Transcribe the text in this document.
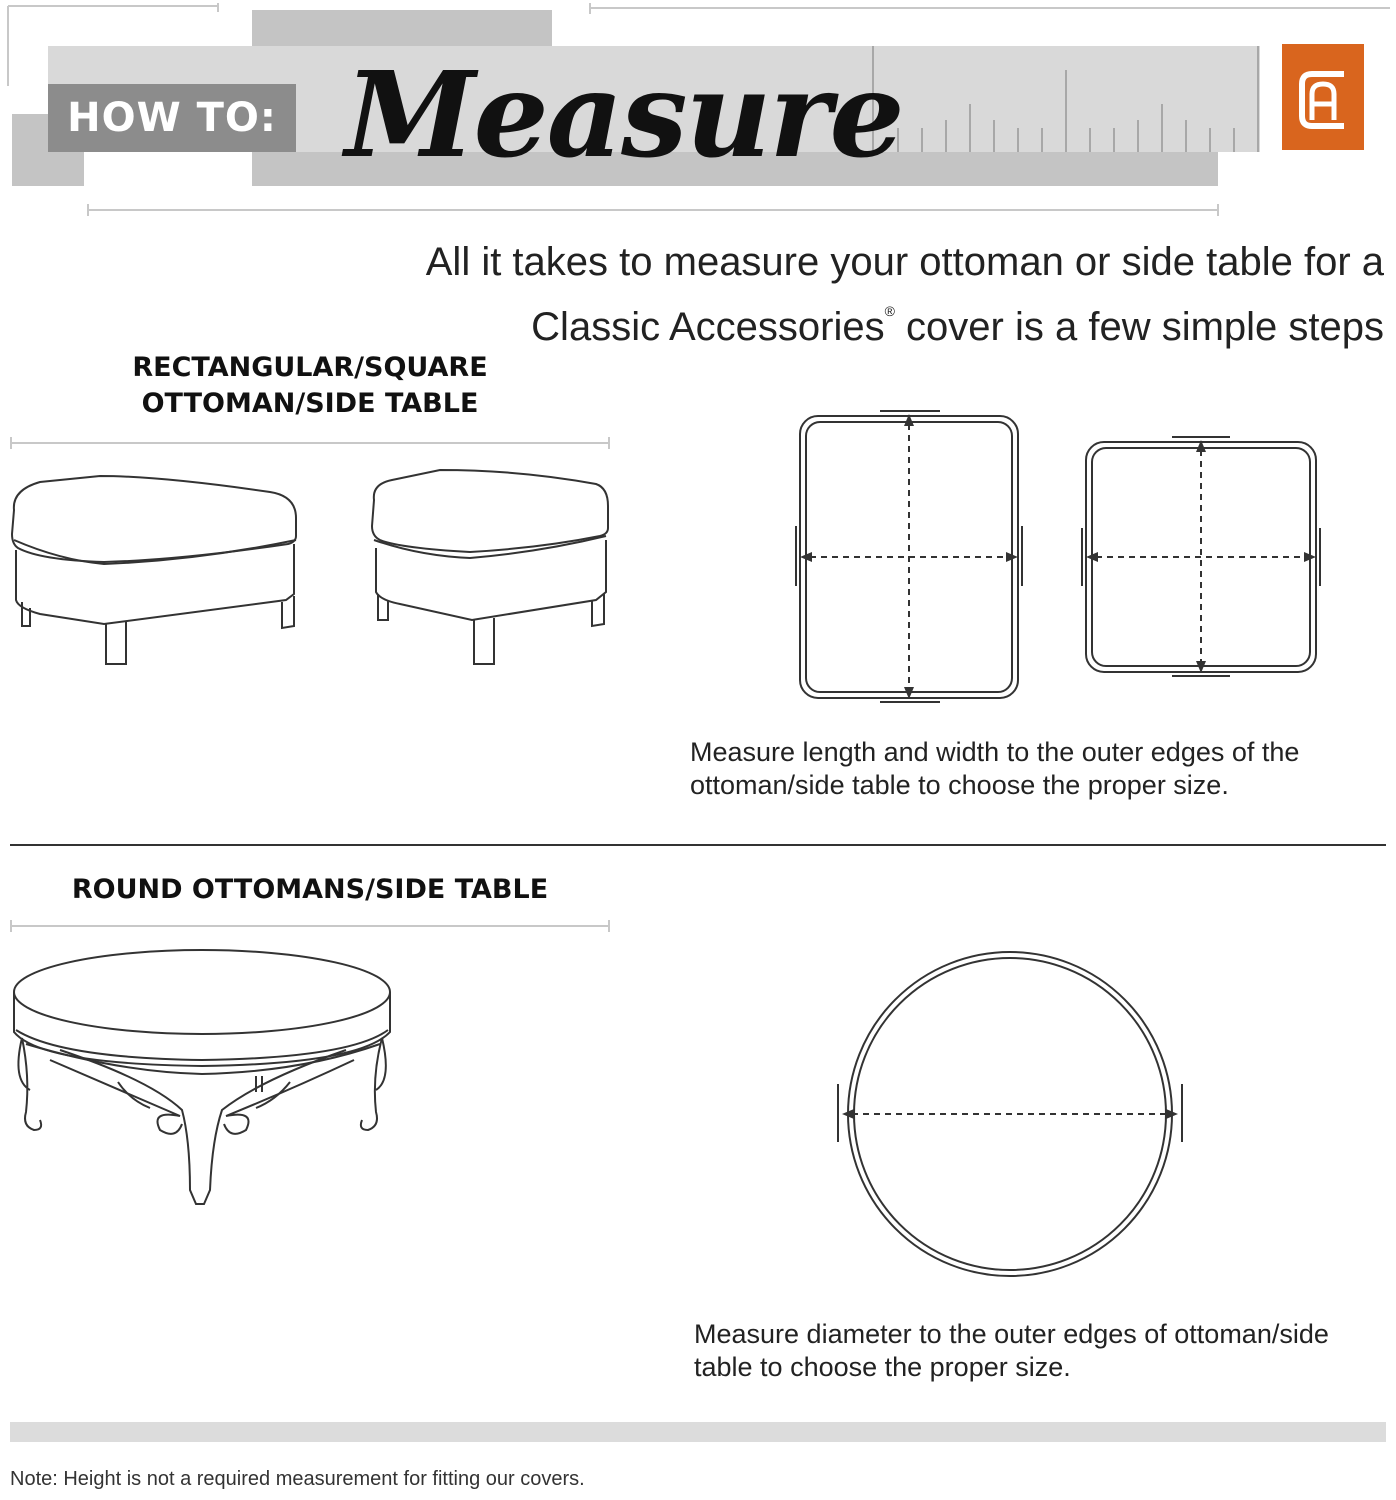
HOW TO: Measure
All it takes to measure your ottoman or side table for a
Classic Accessories® cover is a few simple steps
RECTANGULAR/SQUARE
OTTOMAN/SIDE TABLE
Measure length and width to the outer edges of the
ottoman/side table to choose the proper size.
ROUND OTTOMANS/SIDE TABLE
Measure diameter to the outer edges of ottoman/side
table to choose the proper size.
Note: Height is not a required measurement for fitting our covers.
